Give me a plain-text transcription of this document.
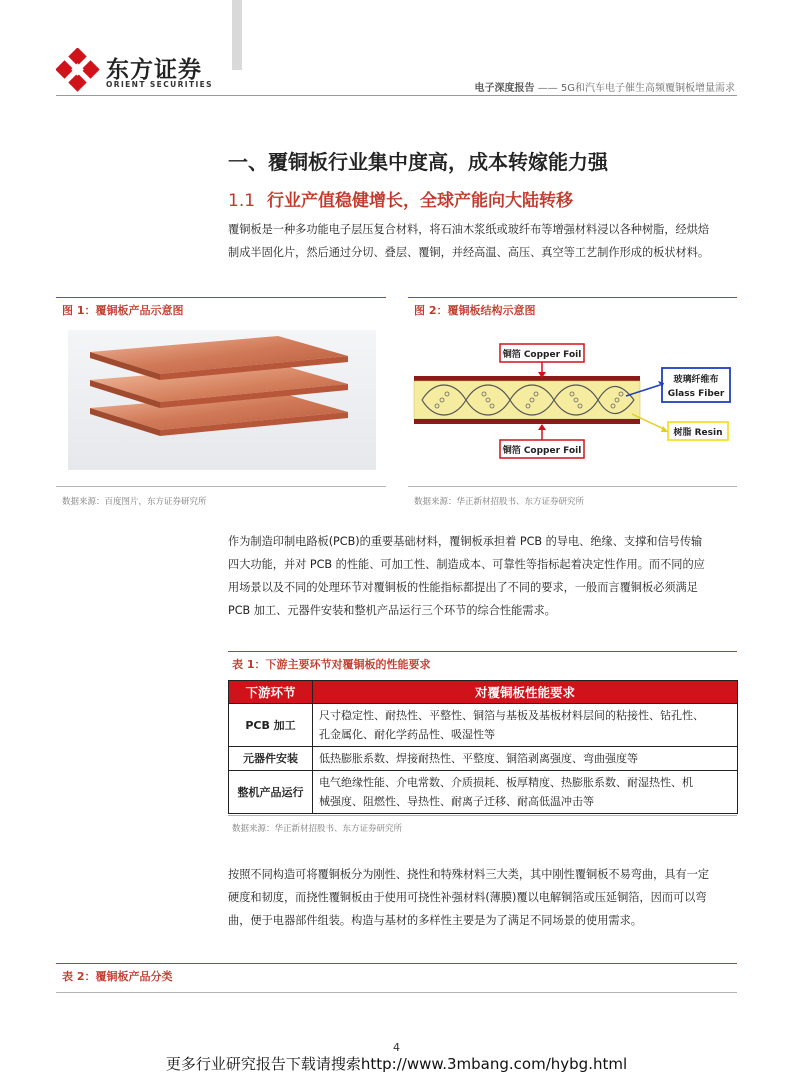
东方证券
ORIENT SECURITIES	电子深度报告 —— 5G和汽车电子催生高频覆铜板增量需求
一、覆铜板行业集中度高，成本转嫁能力强
1.1 行业产值稳健增长，全球产能向大陆转移
覆铜板是一种多功能电子层压复合材料，将石油木浆纸或玻纤布等增强材料浸以各种树脂，经烘焙
制成半固化片，然后通过分切、叠层、覆铜，并经高温、高压、真空等工艺制作形成的板状材料。
图 1：覆铜板产品示意图
数据来源：百度图片，东方证券研究所
图 2：覆铜板结构示意图
铜箔 Copper Foil
铜箔 Copper Foil
玻璃纤维布
Glass Fiber
树脂 Resin
数据来源：华正新材招股书、东方证券研究所
作为制造印制电路板(PCB)的重要基础材料，覆铜板承担着 PCB 的导电、绝缘、支撑和信号传输
四大功能，并对 PCB 的性能、可加工性、制造成本、可靠性等指标起着决定性作用。而不同的应
用场景以及不同的处理环节对覆铜板的性能指标都提出了不同的要求，一般而言覆铜板必须满足
PCB 加工、元器件安装和整机产品运行三个环节的综合性能需求。
表 1：下游主要环节对覆铜板的性能要求
下游环节	对覆铜板性能要求
PCB 加工	尺寸稳定性、耐热性、平整性、铜箔与基板及基板材料层间的粘接性、钻孔性、
孔金属化、耐化学药品性、吸湿性等

元器件安装	低热膨胀系数、焊接耐热性、平整度、铜箔剥离强度、弯曲强度等

整机产品运行	电气绝缘性能、介电常数、介质损耗、板厚精度、热膨胀系数、耐湿热性、机
械强度、阻燃性、导热性、耐离子迁移、耐高低温冲击等
数据来源：华正新材招股书、东方证券研究所
按照不同构造可将覆铜板分为刚性、挠性和特殊材料三大类，其中刚性覆铜板不易弯曲，具有一定
硬度和韧度，而挠性覆铜板由于使用可挠性补强材料(薄膜)覆以电解铜箔或压延铜箔，因而可以弯
曲，便于电器部件组装。构造与基材的多样性主要是为了满足不同场景的使用需求。
表 2：覆铜板产品分类
4
更多行业研究报告下载请搜索http://www.3mbang.com/hybg.html
